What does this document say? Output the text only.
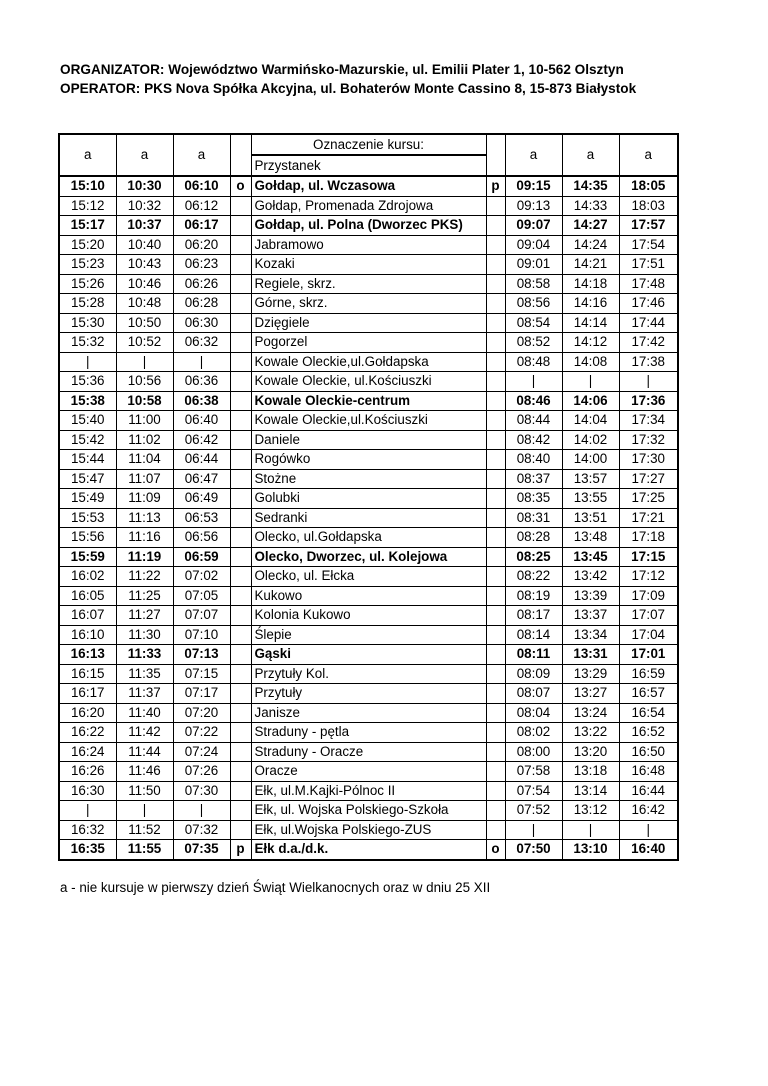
ORGANIZATOR: Województwo Warmińsko-Mazurskie, ul. Emilii Plater 1, 10-562 Olsztyn
OPERATOR: PKS Nova Spółka Akcyjna, ul. Bohaterów Monte Cassino 8, 15-873 Białystok
a	a	a		Oznaczenie kursu:		a	a	a
				Przystanek				
15:10	10:30	06:10	o	Gołdap, ul. Wczasowa	p	09:15	14:35	18:05
15:12	10:32	06:12		Gołdap, Promenada Zdrojowa		09:13	14:33	18:03
15:17	10:37	06:17		Gołdap, ul. Polna (Dworzec PKS)		09:07	14:27	17:57
15:20	10:40	06:20		Jabramowo		09:04	14:24	17:54
15:23	10:43	06:23		Kozaki		09:01	14:21	17:51
15:26	10:46	06:26		Regiele, skrz.		08:58	14:18	17:48
15:28	10:48	06:28		Górne, skrz.		08:56	14:16	17:46
15:30	10:50	06:30		Dzięgiele		08:54	14:14	17:44
15:32	10:52	06:32		Pogorzel		08:52	14:12	17:42
|	|	|		Kowale Oleckie,ul.Gołdapska		08:48	14:08	17:38
15:36	10:56	06:36		Kowale Oleckie, ul.Kościuszki		|	|	|
15:38	10:58	06:38		Kowale Oleckie-centrum		08:46	14:06	17:36
15:40	11:00	06:40		Kowale Oleckie,ul.Kościuszki		08:44	14:04	17:34
15:42	11:02	06:42		Daniele		08:42	14:02	17:32
15:44	11:04	06:44		Rogówko		08:40	14:00	17:30
15:47	11:07	06:47		Stożne		08:37	13:57	17:27
15:49	11:09	06:49		Golubki		08:35	13:55	17:25
15:53	11:13	06:53		Sedranki		08:31	13:51	17:21
15:56	11:16	06:56		Olecko, ul.Gołdapska		08:28	13:48	17:18
15:59	11:19	06:59		Olecko, Dworzec, ul. Kolejowa		08:25	13:45	17:15
16:02	11:22	07:02		Olecko, ul. Ełcka		08:22	13:42	17:12
16:05	11:25	07:05		Kukowo		08:19	13:39	17:09
16:07	11:27	07:07		Kolonia Kukowo		08:17	13:37	17:07
16:10	11:30	07:10		Ślepie		08:14	13:34	17:04
16:13	11:33	07:13		Gąski		08:11	13:31	17:01
16:15	11:35	07:15		Przytuły Kol.		08:09	13:29	16:59
16:17	11:37	07:17		Przytuły		08:07	13:27	16:57
16:20	11:40	07:20		Janisze		08:04	13:24	16:54
16:22	11:42	07:22		Straduny - pętla		08:02	13:22	16:52
16:24	11:44	07:24		Straduny - Oracze		08:00	13:20	16:50
16:26	11:46	07:26		Oracze		07:58	13:18	16:48
16:30	11:50	07:30		Ełk, ul.M.Kajki-Pólnoc II		07:54	13:14	16:44
|	|	|		Ełk, ul. Wojska Polskiego-Szkoła		07:52	13:12	16:42
16:32	11:52	07:32		Ełk, ul.Wojska Polskiego-ZUS		|	|	|
16:35	11:55	07:35	p	Ełk d.a./d.k.	o	07:50	13:10	16:40
a - nie kursuje w pierwszy dzień Świąt Wielkanocnych oraz w dniu 25 XII
